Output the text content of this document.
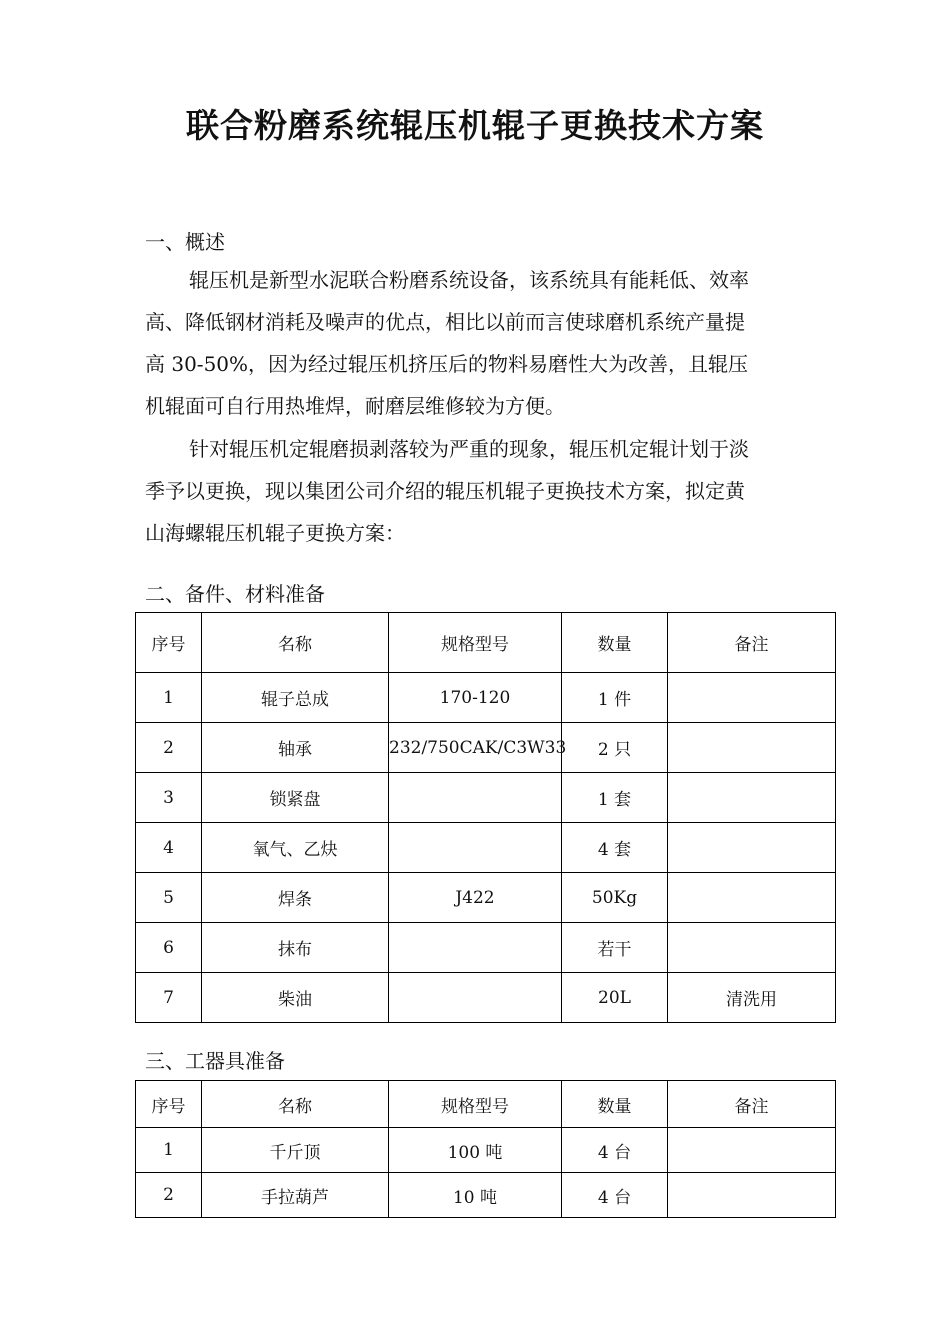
联合粉磨系统辊压机辊子更换技术方案
一、概述
辊压机是新型水泥联合粉磨系统设备，该系统具有能耗低、效率
高、降低钢材消耗及噪声的优点，相比以前而言使球磨机系统产量提
高 30-50%，因为经过辊压机挤压后的物料易磨性大为改善，且辊压
机辊面可自行用热堆焊，耐磨层维修较为方便。
针对辊压机定辊磨损剥落较为严重的现象，辊压机定辊计划于淡
季予以更换，现以集团公司介绍的辊压机辊子更换技术方案，拟定黄
山海螺辊压机辊子更换方案：
二、备件、材料准备
序号	名称	规格型号	数量	备注
1	辊子总成	170-120	1 件	
2	轴承	232/750CAK/C3W33	2 只	
3	锁紧盘		1 套	
4	氧气、乙炔		4 套	
5	焊条	J422	50Kg	
6	抹布		若干	
7	柴油		20L	清洗用
三、工器具准备
序号	名称	规格型号	数量	备注
1	千斤顶	100 吨	4 台	
2	手拉葫芦	10 吨	4 台	
